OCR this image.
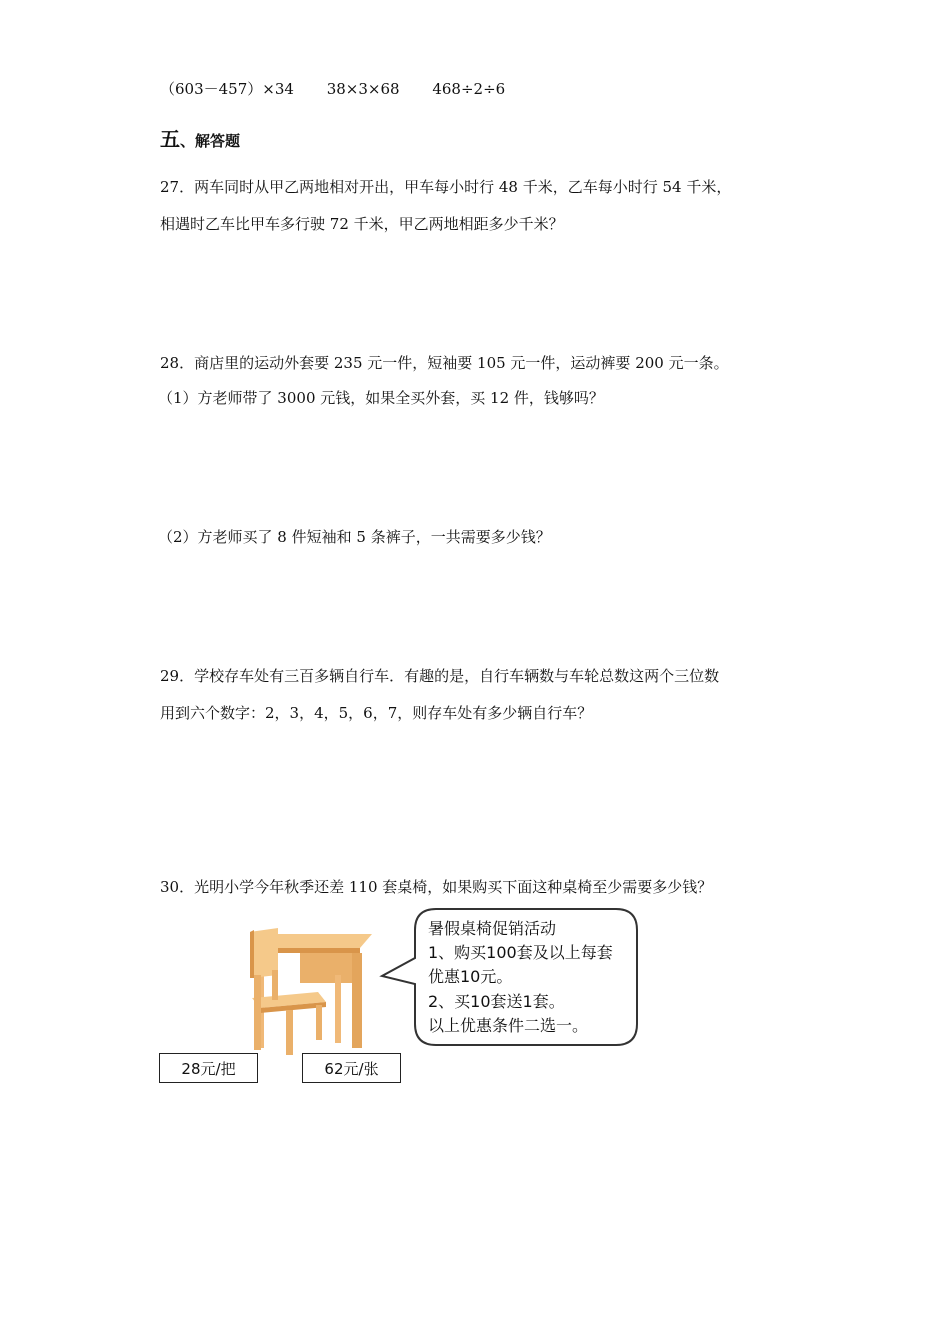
（603－457）×34 38×3×68 468÷2÷6
五、解答题
27．两车同时从甲乙两地相对开出，甲车每小时行 48 千米，乙车每小时行 54 千米，
相遇时乙车比甲车多行驶 72 千米，甲乙两地相距多少千米？
28．商店里的运动外套要 235 元一件，短袖要 105 元一件，运动裤要 200 元一条。
（1）方老师带了 3000 元钱，如果全买外套，买 12 件，钱够吗？
（2）方老师买了 8 件短袖和 5 条裤子，一共需要多少钱？
29．学校存车处有三百多辆自行车．有趣的是，自行车辆数与车轮总数这两个三位数
用到六个数字：2，3，4，5，6，7，则存车处有多少辆自行车？
30．光明小学今年秋季还差 110 套桌椅，如果购买下面这种桌椅至少需要多少钱？
暑假桌椅促销活动
1、购买100套及以上每套
优惠10元。
2、买10套送1套。
以上优惠条件二选一。
28元/把	62元/张
